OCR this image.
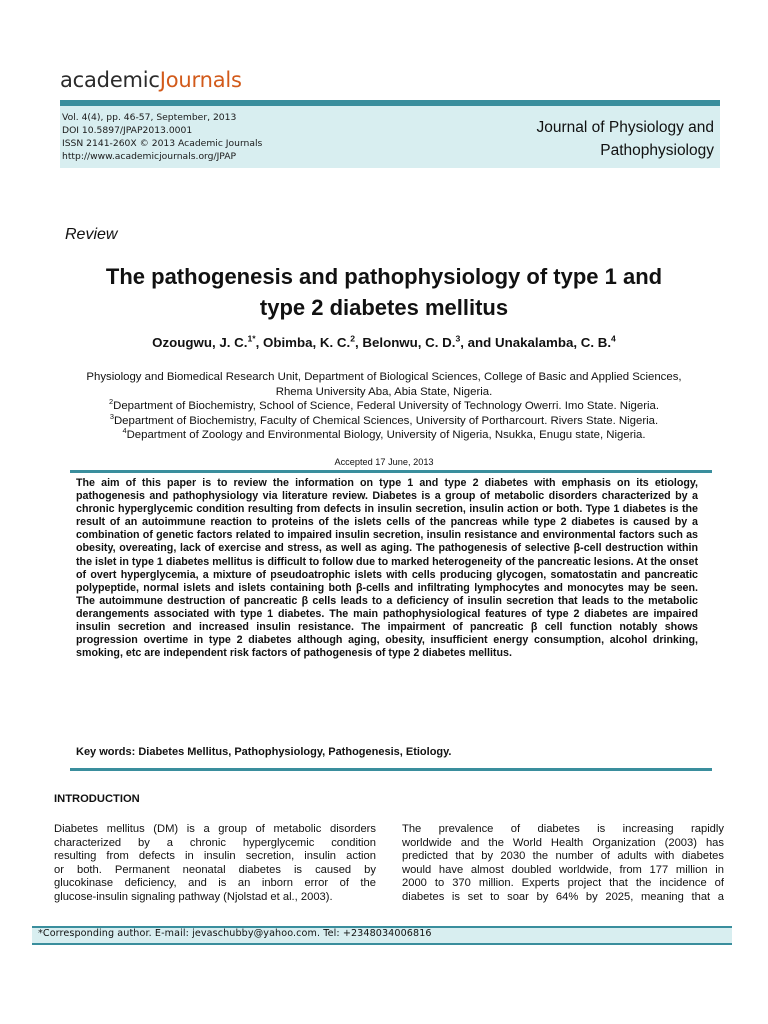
academicJournals
Vol. 4(4), pp. 46-57, September, 2013
DOI 10.5897/JPAP2013.0001
ISSN 2141-260X © 2013 Academic Journals
http://www.academicjournals.org/JPAP
Journal of Physiology and
Pathophysiology
Review
The pathogenesis and pathophysiology of type 1 and
type 2 diabetes mellitus
Ozougwu, J. C.$^{1*}$, Obimba, K. C.$^2$, Belonwu, C. D.$^3$, and Unakalamba, C. B.$^4$
Physiology and Biomedical Research Unit, Department of Biological Sciences, College of Basic and Applied Sciences,
Rhema University Aba, Abia State, Nigeria.
$^2$Department of Biochemistry, School of Science, Federal University of Technology Owerri. Imo State. Nigeria.
$^3$Department of Biochemistry, Faculty of Chemical Sciences, University of Portharcourt. Rivers State. Nigeria.
$^4$Department of Zoology and Environmental Biology, University of Nigeria, Nsukka, Enugu state, Nigeria.
Accepted 17 June, 2013
The aim of this paper is to review the information on type 1 and type 2 diabetes with emphasis on its etiology, pathogenesis and pathophysiology via literature review. Diabetes is a group of metabolic disorders characterized by a chronic hyperglycemic condition resulting from defects in insulin secretion, insulin action or both. Type 1 diabetes is the result of an autoimmune reaction to proteins of the islets cells of the pancreas while type 2 diabetes is caused by a combination of genetic factors related to impaired insulin secretion, insulin resistance and environmental factors such as obesity, overeating, lack of exercise and stress, as well as aging. The pathogenesis of selective β-cell destruction within the islet in type 1 diabetes mellitus is difficult to follow due to marked heterogeneity of the pancreatic lesions. At the onset of overt hyperglycemia, a mixture of pseudoatrophic islets with cells producing glycogen, somatostatin and pancreatic polypeptide, normal islets and islets containing both β-cells and infiltrating lymphocytes and monocytes may be seen. The autoimmune destruction of pancreatic β cells leads to a deficiency of insulin secretion that leads to the metabolic derangements associated with type 1 diabetes. The main pathophysiological features of type 2 diabetes are impaired insulin secretion and increased insulin resistance. The impairment of pancreatic β cell function notably shows progression overtime in type 2 diabetes although aging, obesity, insufficient energy consumption, alcohol drinking, smoking, etc are independent risk factors of pathogenesis of type 2 diabetes mellitus.
Key words: Diabetes Mellitus, Pathophysiology, Pathogenesis, Etiology.
INTRODUCTION
Diabetes mellitus (DM) is a group of metabolic disorders
characterized by a chronic hyperglycemic condition
resulting from defects in insulin secretion, insulin action
or both. Permanent neonatal diabetes is caused by
glucokinase deficiency, and is an inborn error of the
glucose-insulin signaling pathway (Njolstad et al., 2003).
The prevalence of diabetes is increasing rapidly
worldwide and the World Health Organization (2003) has
predicted that by 2030 the number of adults with diabetes
would have almost doubled worldwide, from 177 million in
2000 to 370 million. Experts project that the incidence of
diabetes is set to soar by 64% by 2025, meaning that a
*Corresponding author. E-mail: jevaschubby@yahoo.com. Tel: +2348034006816
